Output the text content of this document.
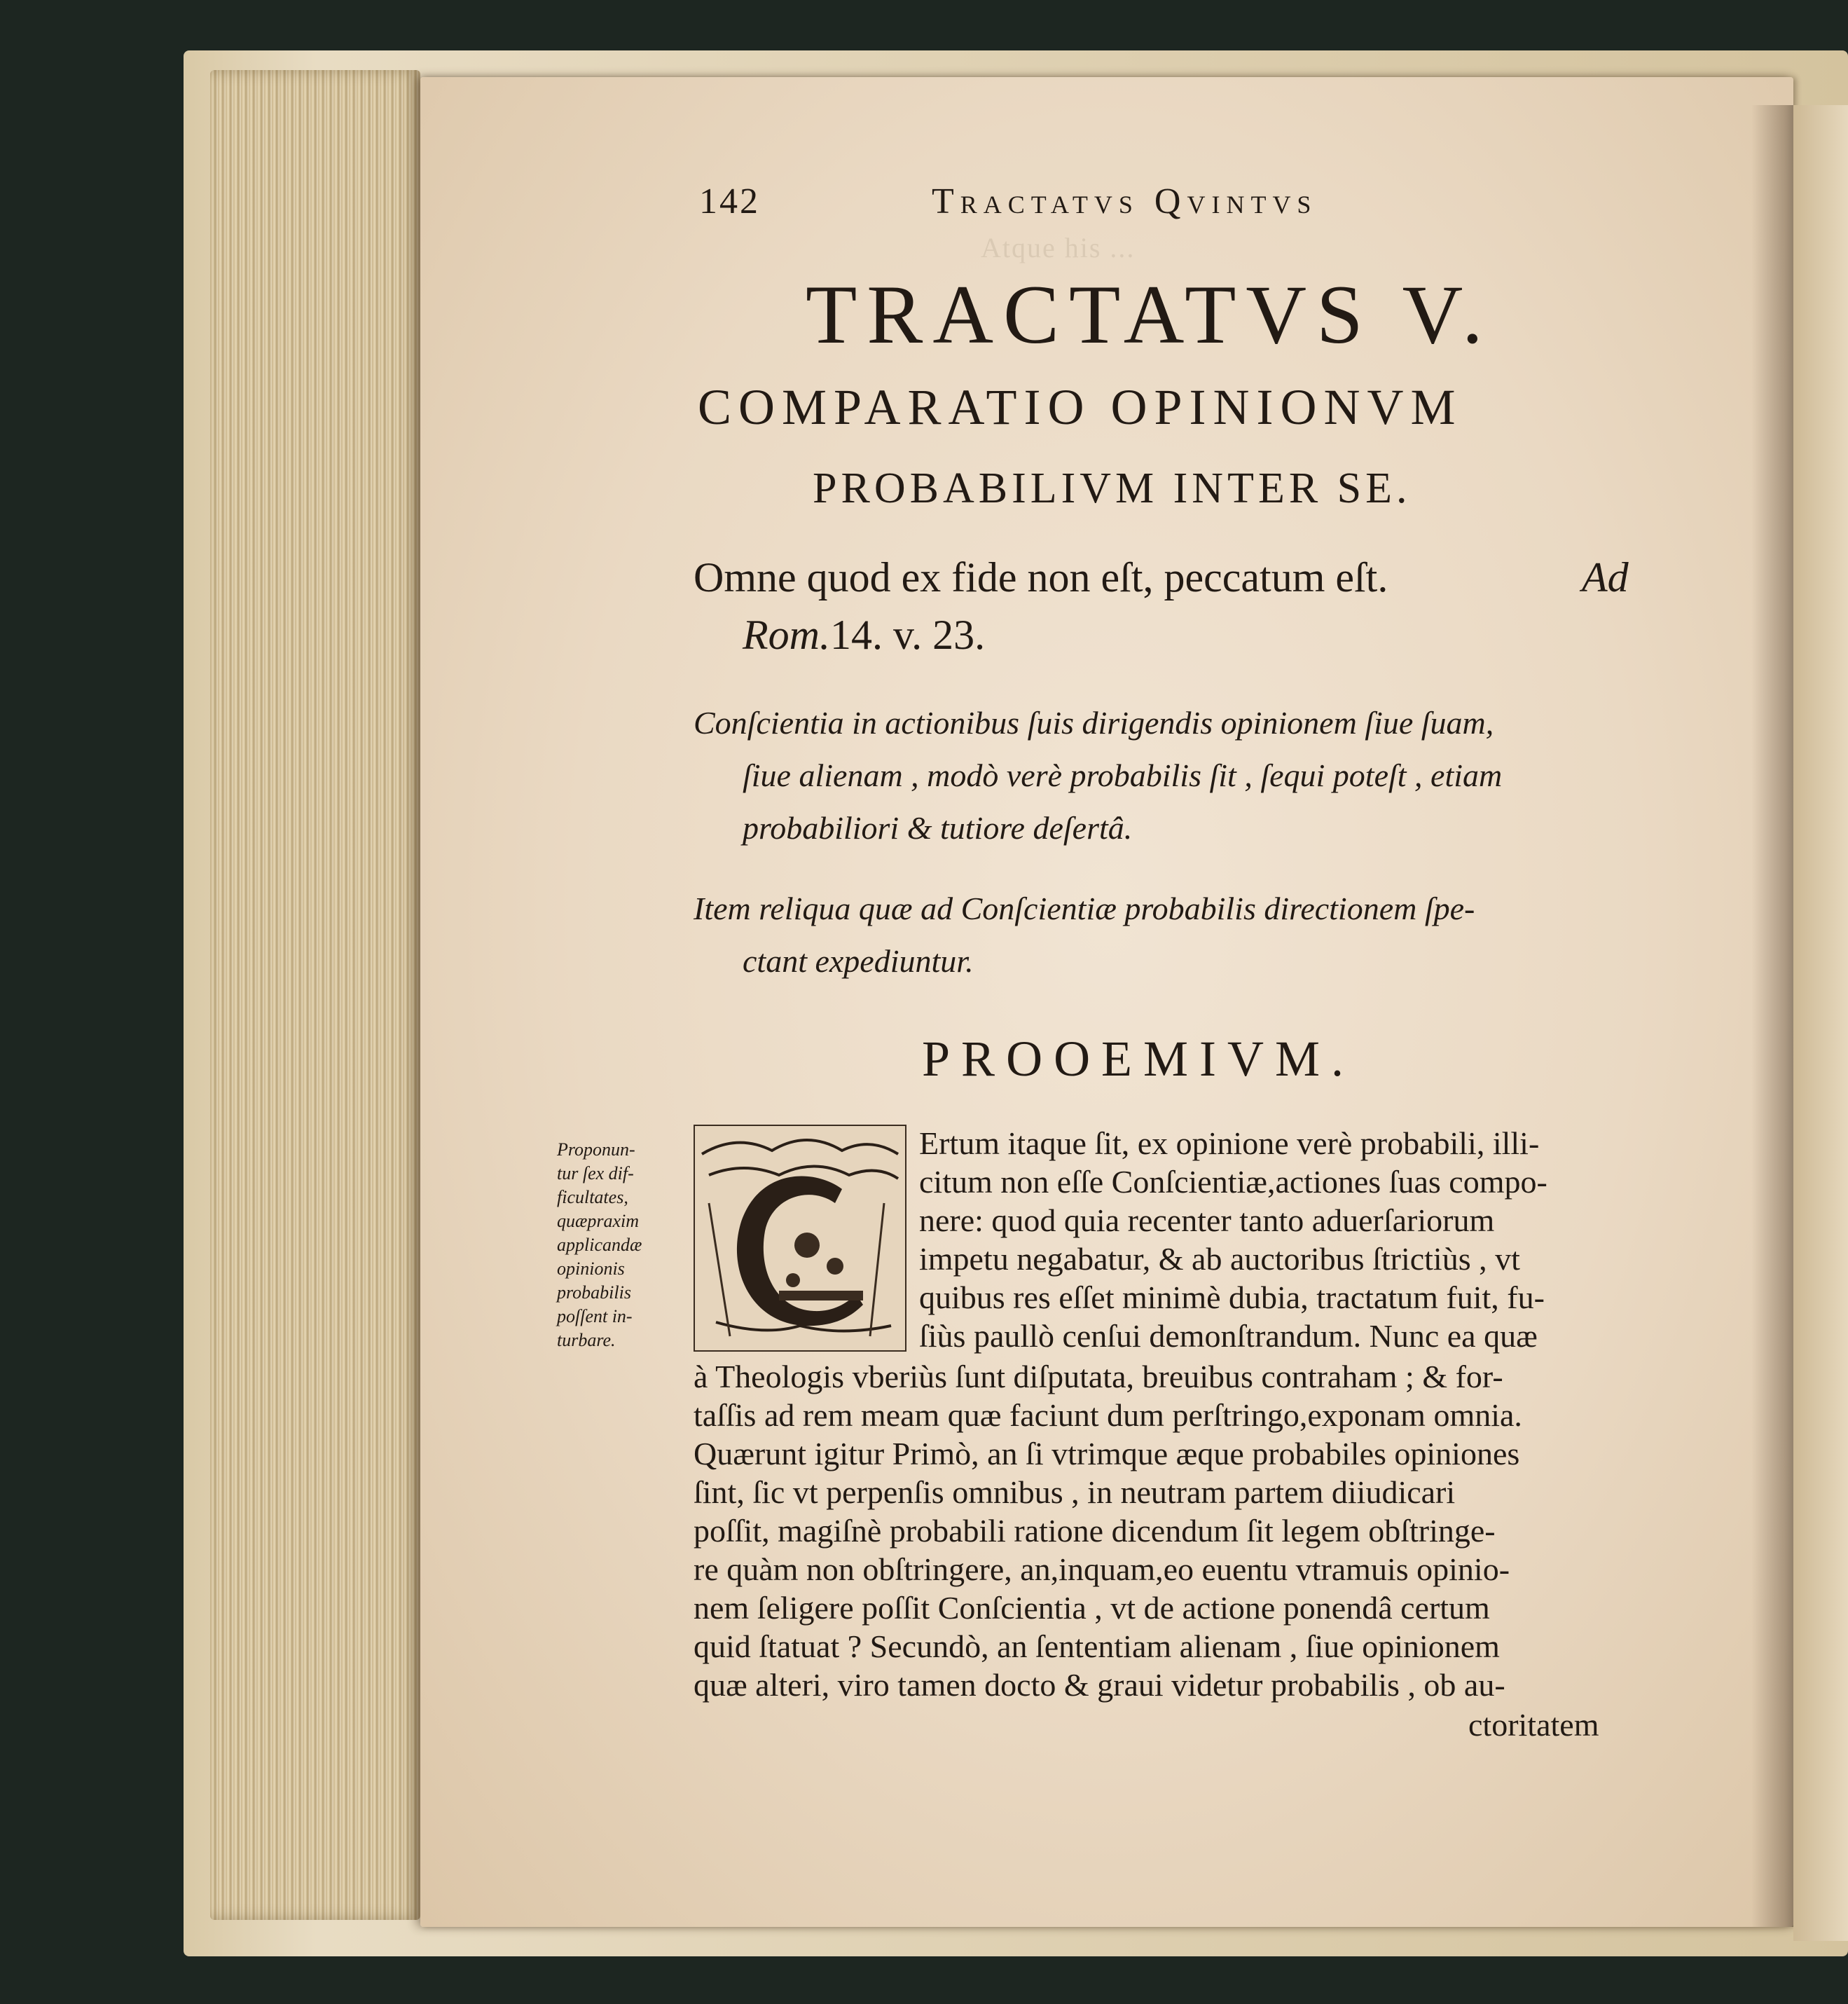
Atque his ...
142	Tractatvs Qvintvs
TRACTATVS V.
COMPARATIO OPINIONVM
PROBABILIVM INTER SE.
Omne quod ex fide non eſt, peccatum eſt.	Ad
Rom.14. v. 23.
Conſcientia in actionibus ſuis dirigendis opinionem ſiue ſuam,
ſiue alienam , modò verè probabilis ſit , ſequi poteſt , etiam
probabiliori & tutiore deſertâ.
Item reliqua quæ ad Conſcientiæ probabilis directionem ſpe-
ctant expediuntur.
PROOEMIVM.
Proponun-
tur ſex dif-
ficultates,
quæpraxim
applicandæ
opinionis
probabilis
poſſent in-
turbare.
Ertum itaque ſit, ex opinione verè probabili, illi-
citum non eſſe Conſcientiæ,actiones ſuas compo-
nere: quod quia recenter tanto aduerſariorum
impetu negabatur, & ab auctoribus ſtrictiùs , vt
quibus res eſſet minimè dubia, tractatum fuit, fu-
ſiùs paullò cenſui demonſtrandum. Nunc ea quæ
à Theologis vberiùs ſunt diſputata, breuibus contraham ; & for-
taſſis ad rem meam quæ faciunt dum perſtringo,exponam omnia.
Quærunt igitur Primò, an ſi vtrimque æque probabiles opiniones
ſint, ſic vt perpenſis omnibus , in neutram partem diiudicari
poſſit, magiſnè probabili ratione dicendum ſit legem obſtringe-
re quàm non obſtringere, an,inquam,eo euentu vtramuis opinio-
nem ſeligere poſſit Conſcientia , vt de actione ponendâ certum
quid ſtatuat ? Secundò, an ſententiam alienam , ſiue opinionem
quæ alteri, viro tamen docto & graui videtur probabilis , ob au-
ctoritatem
